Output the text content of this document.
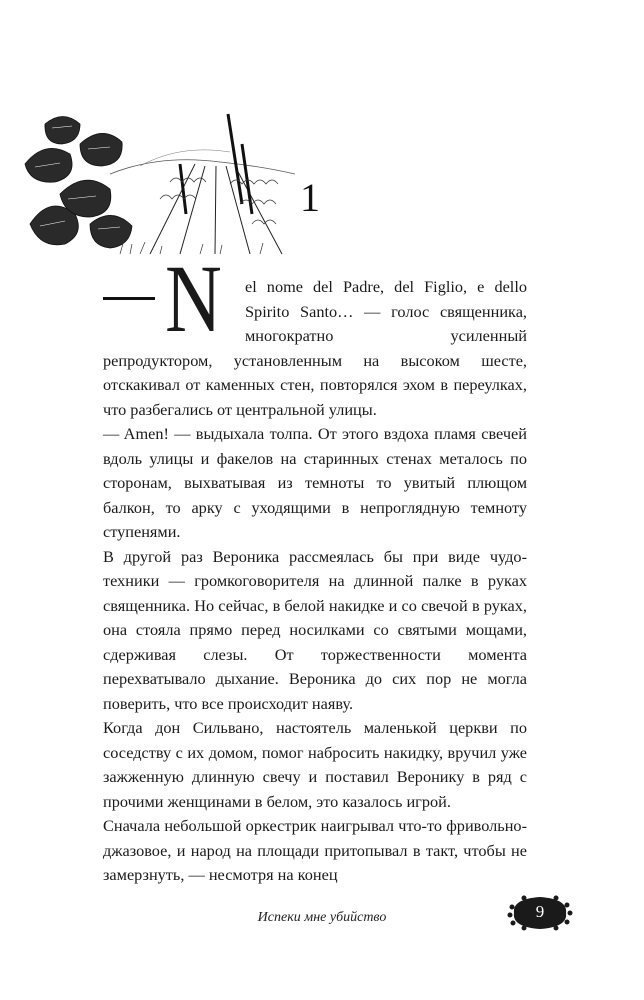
1

N el nome del Padre, del Figlio, e dello Spirito Santo… — голос священника, многократно усиленный репродуктором, установленным на высоком шесте, отскакивал от каменных стен, повторялся эхом в переулках, что разбегались от центральной улицы.

— Amen! — выдыхала толпа. От этого вздоха пламя свечей вдоль улицы и факелов на старинных стенах металось по сторонам, выхватывая из темноты то увитый плющом балкон, то арку с уходящими в непроглядную темноту ступенями.

В другой раз Вероника рассмеялась бы при виде чудо-техники — громкоговорителя на длинной палке в руках священника. Но сейчас, в белой накидке и со свечой в руках, она стояла прямо перед носилками со святыми мощами, сдерживая слезы. От торжественности момента перехватывало дыхание. Вероника до сих пор не могла поверить, что все происходит наяву.

Когда дон Сильвано, настоятель маленькой церкви по соседству с их домом, помог набросить накидку, вручил уже зажженную длинную свечу и поставил Веронику в ряд с прочими женщинами в белом, это казалось игрой.

Сначала небольшой оркестрик наигрывал что-то фривольно-джазовое, и народ на площади притопывал в такт, чтобы не замерзнуть, — несмотря на конец

Испеки мне убийство	9
